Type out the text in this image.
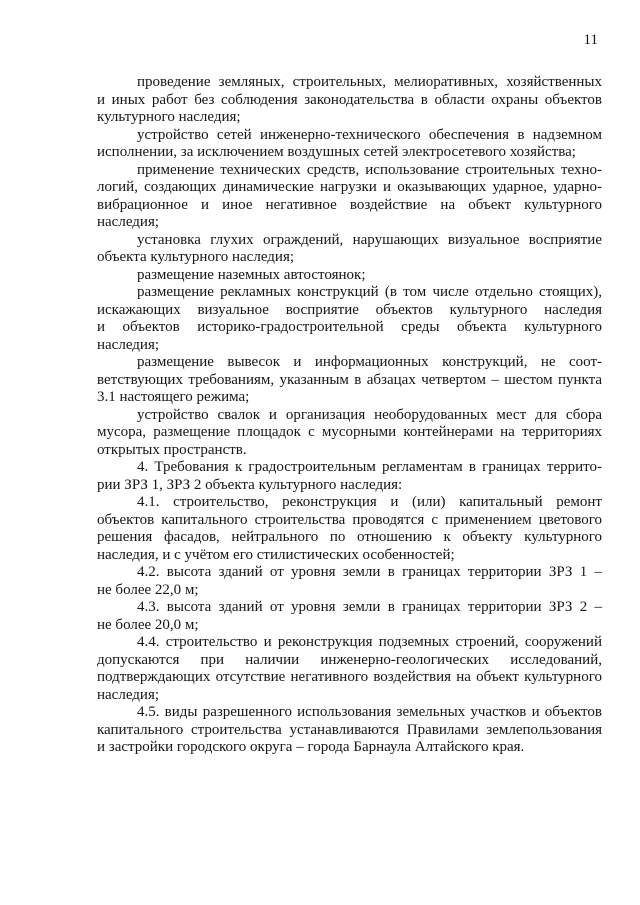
11
проведение земляных, строительных, мелиоративных, хозяйственных
и иных работ без соблюдения законодательства в области охраны объектов
культурного наследия;
устройство сетей инженерно-технического обеспечения в надземном
исполнении, за исключением воздушных сетей электросетевого хозяйства;
применение технических средств, использование строительных техно-
логий, создающих динамические нагрузки и оказывающих ударное, ударно-
вибрационное и иное негативное воздействие на объект культурного
наследия;
установка глухих ограждений, нарушающих визуальное восприятие
объекта культурного наследия;
размещение наземных автостоянок;
размещение рекламных конструкций (в том числе отдельно стоящих),
искажающих визуальное восприятие объектов культурного наследия
и объектов историко-градостроительной среды объекта культурного
наследия;
размещение вывесок и информационных конструкций, не соот-
ветствующих требованиям, указанным в абзацах четвертом – шестом пункта
3.1 настоящего режима;
устройство свалок и организация необорудованных мест для сбора
мусора, размещение площадок с мусорными контейнерами на территориях
открытых пространств.
4. Требования к градостроительным регламентам в границах террито-
рии ЗРЗ 1, ЗРЗ 2 объекта культурного наследия:
4.1. строительство, реконструкция и (или) капитальный ремонт
объектов капитального строительства проводятся с применением цветового
решения фасадов, нейтрального по отношению к объекту культурного
наследия, и с учётом его стилистических особенностей;
4.2. высота зданий от уровня земли в границах территории ЗРЗ 1 –
не более 22,0 м;
4.3. высота зданий от уровня земли в границах территории ЗРЗ 2 –
не более 20,0 м;
4.4. строительство и реконструкция подземных строений, сооружений
допускаются при наличии инженерно-геологических исследований,
подтверждающих отсутствие негативного воздействия на объект культурного
наследия;
4.5. виды разрешенного использования земельных участков и объектов
капитального строительства устанавливаются Правилами землепользования
и застройки городского округа – города Барнаула Алтайского края.
